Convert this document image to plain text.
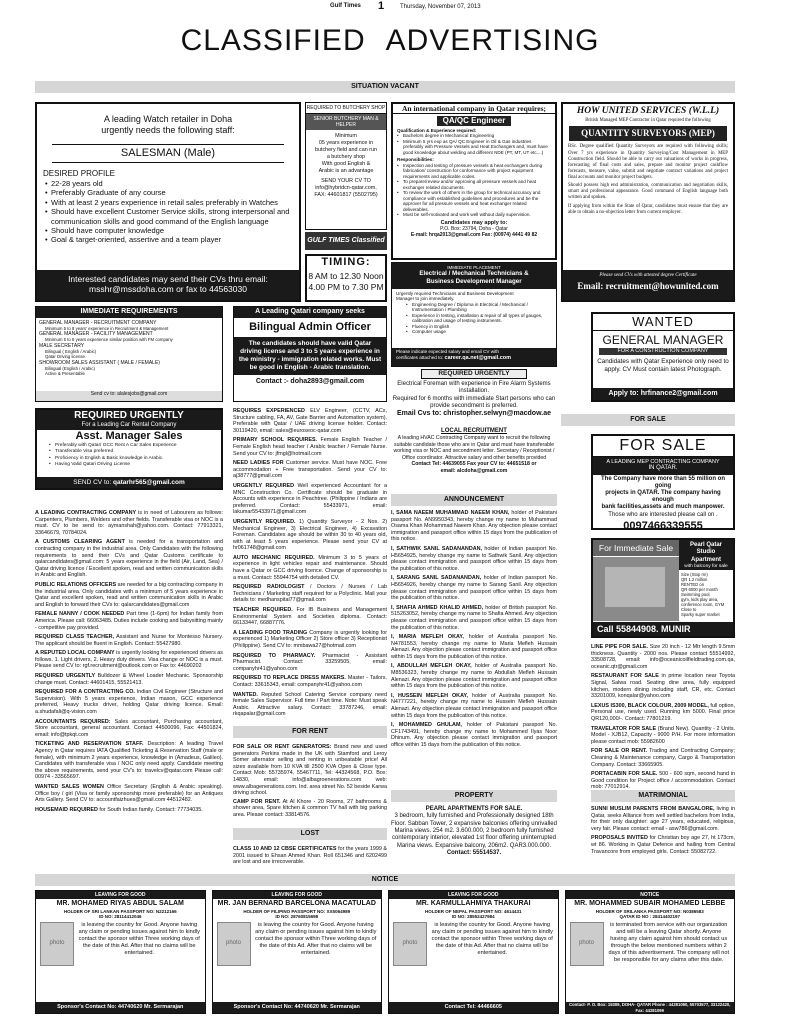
Gulf Times	1	Thursday, November 07, 2013
CLASSIFIED ADVERTISING
SITUATION VACANT
A leading Watch retailer in Doha
urgently needs the following staff:
SALESMAN (Male)
DESIRED PROFILE
• 22-28 years old
• Preferably Graduate of any course
• With at least 2 years experience in retail sales preferably in Watches
• Should have excellent Customer Service skills, strong interpersonal and communication skills and good command of the English language
• Should have computer knowledge
• Goal & target-oriented, assertive and a team player
Interested candidates may send their CVs thru email:
msshr@mssdoha.com or fax to 44563030
REQUIRED TO BUTCHERY SHOP
SENIOR BUTCHERY MAN & HELPER
Minimum
05 years experience in
butchery field and can run
a butchery shop
With good English &
Arabic is an advantage
SEND YOUR CV TO
info@hybridcn-qatar.com,
FAX: 44601817 (5502795)
GULF TIMES Classified
TIMING:
8 AM to 12.30 Noon
4.00 PM to 7.30 PM
An international company in Qatar requires;
QA/QC Engineer
Qualification & Experience required:
• Bachelors degree in Mechanical Engineering
• Minimum 5 yrs exp as QA/ QC Engineer in Oil & Gas industries preferably with Pressure Vessels and Heat Exchangers and, must have good knowledge about welding and different NDE (PT, MT, UT etc....)
Responsibilities:
• Inspection and testing of pressure vessels & heat exchangers during fabrication/ construction for conformance with project equipment requirements and applicable codes.
• To prepare/review and/or approving all pressure vessels and heat exchanger related documents.
• To review the work of others in the group for technical accuracy and compliance with established guidelines and procedures and be the approver for all pressure vessels and heat exchanger related deliverables.
• Must be self-motivated and work well without daily supervision.
Candidates may apply to:
P.O. Box: 23794, Doha - Qatar
E-mail: hrqa2013@gmail.com Fax: (00974) 4441 49 82
HOW UNITED SERVICES (W.L.L)
British Managed MEP Contractor in Qatar required the following
QUANTITY SURVEYORS (MEP)

BSc. Degree qualified Quantity Surveyors are required with following skills; Over 7 yrs experience in Quantity Surveying/Cost Management in MEP Construction field. Should be able to carry out valuations of works in progress, forecasting of final costs and sales, prepare and monitor project cashflow forecasts, measure, value, submit and negotiate contract variations and project final accounts and monitor project budgets.

Should possess high end administration, communication and negotiation skills, smart and professional appearance. Good command of English language both written and spoken.

If applying from within the State of Qatar, candidates must ensure that they are able to obtain a no-objection letter from current employer.

Please send CVs with attested degree Certificate
Email: recruitment@howunited.com
IMMEDIATE PLACEMENT
Electrical / Mechanical Technicians &
Business Development Manager
Urgently required Technicians and Business Development
Manager to join immediately.
• Engineering Degree / Diploma in Electrical / Mechanical / Instrumentation / Plumbing
• Experience in testing, installation & repair of all types of gauges, calibration and usage of testing instruments.
• Fluency in English
• Computer usage
Please indicate expected salary and email CV with
certificates attached to: career.qa.net@gmail.com
IMMEDIATE REQUIREMENTS
GENERAL MANAGER - RECRUITMENT COMPANY
Minimum 5 to 8 years' experience in Recruitment & Management
GENERAL MANAGER - FACILITY MANAGEMENT
Minimum 5 to 8 years experience similar position with FM company
MALE SECRETARY
Bilingual ( English / Arabic)
Qatar Driving license
SHOWROOM SALES ASSISTANT ( MALE / FEMALE)
Bilingual (English / Arabic)
Active & Presentable
Send cv to: alalesjobs@gmail.com
A Leading Qatari company seeks
Bilingual Admin Officer
The candidates should have valid Qatar driving license and 3 to 5 years experience in the ministry - immigration related works. Must be good in English - Arabic translation.
Contact :- doha2893@gmail.com
REQUIRED URGENTLY
Electrical Foreman with experience in Fire Alarm Systems installation.
Required for 6 months with immediate Start persons who can provide secondment is preferred.
Email Cvs to: christopher.selwyn@macdow.ae
WANTED
GENERAL MANAGER
FOR A CONSTRUCTION COMPANY
Candidates with Qatar Experience only need to apply. CV Must contain latest Photograph.
Apply to: hrfinance2@gmail.com
REQUIRED URGENTLY
For a Leading Car Rental Company
Asst. Manager Sales
• Preferably with Qatar/ GCC Rent A Car Sales Experience
• Transferable Visa preferred
• Proficiency in English & Basic knowledge in Arabic.
• Having Valid Qatari Driving License
SEND CV to: qatarhr565@gmail.com
FOR SALE
LOCAL RECRUITMENT
A leading HVAC Contracting Company want to recruit the following suitable candidate those who are in Qatar and must have transferable working visa or NOC and secondment letter. Secretary / Receptionist / Office coordinator. Attractive salary and other benefits provided
Contact Tel: 44639055 Fax your CV to: 44651518 or
email: alcdoha@gmail.com
FOR SALE
A LEADING MEP CONTRACTING COMPANY
IN QATAR.
The Company have more than 55 million on going
projects in QATAR. The company having enough
bank facilities,assets and much manpower.
Those who are interested please call on .
0097466339555
For Immediate Sale	Pearl Qatar Studio Apartment
with balcony for sale
Size (Stop rm)
QR 1.2 million
RENTED on
QR 6000 per month
Swimming pool,
gym, kids play area,
conference room, GYM
Close to
Sparky super market
Call 55844908. MUNIR
ANNOUNCEMENT

A LEADING CONTRACTING COMPANY is in need of Labourers as follows: Carpenters, Plumbers, Welders and other fields. Transferable visa or NOC is a must. CV to be send to: aymanshah@yahoo.com. Contact: 77913321, 33646679, 70784024.

A CUSTOMS CLEARING AGENT is needed for a transportation and contracting company in the industrial area. Only Candidates with the following requirements to send their CVs and Qatar Customs certificate to qalarcandidates@gmail.com: 5 years experience in the field (Air, Land, Sea) / Qatar driving licence / Excellent spoken, read and written communication skills in Arabic and English.

PUBLIC RELATIONS OFFICERS are needed for a big contracting company in the industrial area. Only candidates with a minimum of 5 years experience in Qatar and excellent spoken, read and written communication skills in Arabic and English to forward their CVs to: qalarcandidates@gmail.com

FEMALE NANNY / COOK NEEDED Part time (1-6pm) for Indian family from America. Please call: 66063485. Duties include cooking and babysitting mainly - competitive pay provided.

REQUIRED CLASS TEACHER, Assistant and Nurse for Montesso Nursery. The applicant should be fluent in English. Contact: 55427980.

A REPUTED LOCAL COMPANY is urgently looking for experienced drivers as follows. 1. Light drivers, 2. Heavy duty drivers. Visa change or NOC is a must. Please send CV to: rgf.recruitment@outlook.com or Fax to: 44690202

REQUIRED URGENTLY Bulldozer & Wheel Loader Mechanic. Sponsorship change must. Contact: 44601415, 55521413.

REQUIRED FOR A CONTRACTING CO. Indian Civil Engineer (Structure and Supervision). With 5 years experience, Indian mason, GCC experience preferred, Heavy trucks driver, holding Qatar driving licence. Email: a.shudafali@q-vision.com

ACCOUNTANTS REQUIRED: Sales accountant, Purchasing accountant, Store accountant, general accountant. Contact 44500096, Fax: 44501824, email: info@tpkqt.com

TICKETING AND RESERVATION STAFF. Description: A leading Travel Agency in Qatar requires IATA Qualified Ticketing & Reservation Staff (male or female), with minimum 2 years experience, knowledge in (Amadeus, Galileo). Candidates with transferable visa / NOC only need apply. Candidate meeting the above requirements, send your CV's to: travelcv@qatar.com Please call: 00974 - 33565697.

WANTED SALES WOMEN Office Secretary (English & Arabic speaking). Office boy / girl (Visa or family sponsorship more preferable) for an Antiques Arts Gallery. Send CV to: accountfaizhues@gmail.com 44512482.

HOUSEMAID REQUIRED for South Indian family. Contact: 77734035.

REQUIRES EXPERIENCED ELV Engineer, (CCTV, ACs, Structure cabling, FA, AV, Gate Barrier and Automation system). Preferable with Qatar / UAE driving license holder. Contact: 30119420, email: sales@euroseoc-qatar.com

PRIMARY SCHOOL REQUIRES. Female English Teacher / Female English head teacher / Arabic teacher / Female Nurse. Send your CV to: jfmgl@hotmail.com

NEED LADIES FOR Customer service. Must have NOC. Free accommodation + Free transportation. Send your CV to: aj38777@gmail.com

URGENTLY REQUIRED Well experienced Accountant for a MNC Construction Co. Certificate should be graduate in Accounts with experience in Peachtree. (Philippine / Indians are preferred. Contact: 55433971, email: lakumar55433971@gmail.com

URGENTLY REQUIRED. 1) Quantity Surveyor - 2 Nos. 2) Mechanical Engineer, 3) Electrical Engineer, 4) Excavation Foreman. Candidates age should be within 30 to 40 years old, with at least 5 years experience. Please send your CV at hr061748@gmail.com

AUTO MECHANIC REQUIRED. Minimum 3 to 5 years of experience in light vehicles repair and maintenance. Should have a Qatar or GCC driving licence. Change of sponsorship is a must. Contact: 55944754 with detailed CV.

REQUIRED RADIOLOGIST / Doctors / Nurses / Lab Technicians / Marketing staff required for a Polyclinic. Mail your details to: medhanspital77@gmail.com

TEACHER REQUIRED. For IB Business and Management Environmental System and Societies diploma. Contact: 66133447, 66887776.

A LEADING FOOD TRADING Company is urgently looking for experienced 1) Marketing Officer 2) Store officer 3) Receptionist (Philippine). Send CV to: mmbawa27@hotmail.com

REQUIRED TO PHARMACY. Pharmacist - Assistant Pharmacist. Contact: 33259505, email: companyhr41@yahoo.com

REQUIRED TO REPLACE DRESS MAKERS. Master - Tailors. Contact: 33615343, email: companyhr41@yahoo.com

WANTED. Reputed School Catering Service company need female Sales Supervisor. Full time / Part time. Note: Must speak Arabic. Attractive salary. Contact: 33787246, email: rkqapalar@gmail.com

I, SAMA NAEEM MUHAMMAD NAEEM KHAN, holder of Pakistani passport No. AN9950343, hereby change my name to Muhammad Osama Khan Mohammad Naeem Khan. Any objection please contact immigration and passport office within 15 days from the publication of this notice.

I, SATHWIK SANIL SADANANDAN, holder of Indian passport No. H5654925, hereby change my name to Sathwik Sanil. Any objection please contact immigration and passport office within 15 days from the publication of this notice.

I, SARANG SANIL SADANANDAN, holder of Indian passport No. H5654926, hereby change my name to Sarang Sanil. Any objection please contact immigration and passport office within 15 days from the publication of this notice.

I, SHAFIA AHMED KHALID AHMED, holder of British passport No. 515263052, hereby change my name to Shafia Ahmed. Any objection please contact immigration and passport office within 15 days from the publication of this notice.

I, MARIA MEFLEH OKAY, holder of Australia passport No. N4781553, hereby change my name to Maria Mefleh Hussain Alenazi. Any objection please contact immigration and passport office within 15 days from the publication of this notice.

I, ABDULLAH MEFLEH OKAY, holder of Australia passport No. M8536323, hereby change my name to Abdullah Mefleh Hussain Alenazi. Any objection please contact immigration and passport office within 15 days from the publication of this notice.

I, HUSSEIN MEFLEH OKAY, holder of Australia passport No. N4777221, hereby change my name to Hussein Mefleh Hussain Alenazi. Any objection please contact immigration and passport office within 15 days from the publication of this notice.

I, MOHAMMED GHULAM, holder of Pakistani passport No. CF1743491, hereby change my name to Mohammed Ilyas Noor Dhinum. Any objection please contact immigration and passport office within 15 days from the publication of this notice.

FOR RENT

FOR SALE OR RENT GENERATORS: Brand new and used generators Perkins made in the UK with Stamford and Leroy Somer alternator selling and renting in unbeatable price! All sizes available from 10 KVA till 2500 KVA Open & Close type. Contact Mob: 55735974, 55467711, Tel: 44324568, P.O. Box: 14830, email: info@albagroenerations.com web: www.albagenerations.com. Ind. area street No. 52 beside Karwa driving school.

CAMP FOR RENT. At Al Khore - 20 Rooms, 27 bathrooms & shower area, Spare kitchen & common TV hall with big parking area. Please contact: 33814576.

LOST

CLASS 10 AND 12 CBSE CERTIFICATES for the years 1999 & 2001 issued to Ehsan Ahmed Khan. Roll 651346 and 6202499 are lost and are irrecoverable.

PROPERTY
PEARL APARTMENTS FOR SALE.
3 bedroom, fully furnished and Professionally designed 18th Floor. Sabban Tower, 2 expansive balconies offering unrivalled Marina views. 254 m2. 3.600.000, 2 bedroom fully furnished contemporary interior, elevated 1st floor offering uninterrupted Marina views. Expansive balcony, 206m2. QAR3.000.000.
Contact: 55514537.

LINE PIPE FOR SALE. Size 20 inch - 12 Mtr length 9.5mm thickness. Quantity - 2000 nos. Please contact 55514992, 33508728, email: info@oceanicoilfieldtrading.com.qa, oceanic.qtr@gmail.com

RESTAURANT FOR SALE in prime location near Toyota Signal, Salwa road. Seating dine area, fully equipped kitchen, modern dining including staff, CR, etc. Contact 33201009, konqalar@yahoo.com

LEXUS IS300, BLACK COLOUR, 2009 MODEL, full option, Personal use, newly used. Running km 5000. Final price QR120,000/-. Contact: 77801219.

TRAVELATOR FOR SALE (Brand New). Quantity - 2 Units. Model - XJB12, Capacity - 9000 P/H. For more information please contact mob: 55982600

FOR SALE OR RENT. Trading and Contracting Company; Cleaning & Maintenance company, Cargo & Transportation Company. Contact: 33665905.

PORTACABIN FOR SALE. 500 - 600 sqm, second hand in Good condition for Project office / accommodation. Contact mob: 77012914.

MATRIMONIAL

SUNNI MUSLIM PARENTS FROM BANGALORE, living in Qatar, seeks Alliance from well settled bachelors from India, for their only daughter: age 27 years, educated, religious, very fair. Please contact: email - asw786@gmail.com.

PROPOSALS INVITED for Christian boy age 27, ht 173cm, wt 86. Working in Qatar Defence and hailing from Central Travancore from employed girls. Contact: 55082722.

NOTICE
LEAVING FOR GOOD
MR. MOHAMED RIYAS ABDUL SALAM
HOLDER OF SRI LANKAN PASSPORT NO: N2212166
ID NO: 28114412046
photo
is leaving the country for Good. Anyone having any claim or pending issues against him to kindly contact the sponsor within Three working days of the date of this Ad. After that no claims will be entertained.
Sponsor's Contact No: 44740620 Mr. Sermarajan
LEAVING FOR GOOD
MR. JAN BERNARD BARCELONA MACATULAD
HOLDER OF FILIPINO PASSPORT NO: XX5064989
ID NO: 28760815698
photo
is leaving the country for Good. Anyone having any claim or pending issues against him to kindly contact the sponsor within Three working days of the date of this Ad. After that no claims will be entertained.
Sponsor's Contact No: 44740620 Mr. Sermarajan
LEAVING FOR GOOD
MR. KARMULLAHMIYA THAKURAI
HOLDER OF NEPAL PASSPORT NO: 4614431
ID NO: 28552427984
photo
is leaving the country for Good. Anyone having any claim or pending issues against him to kindly contact the sponsor within Three working days of the date of this Ad. After that no claims will be entertained.
Contact Tel: 44466605
NOTICE
MR. MOHAMMED SUBAIR MOHAMED LEBBE
HOLDER OF SRILANKA PASSPORT NO: N0386583
QATAR ID NO : 28414402197
photo
is terminated from service with our organization and will be a leaving Qatar shortly. Anyone having any claim against him should contact us through the below mentioned numbers within 2 days of this advertisement. The company will not be responsible for any claims after this date.
Contact- P. O. Box: 15309, DOHA- QATAR Phone : 44281090, 55703577, 33122420, Fax: 44281099
